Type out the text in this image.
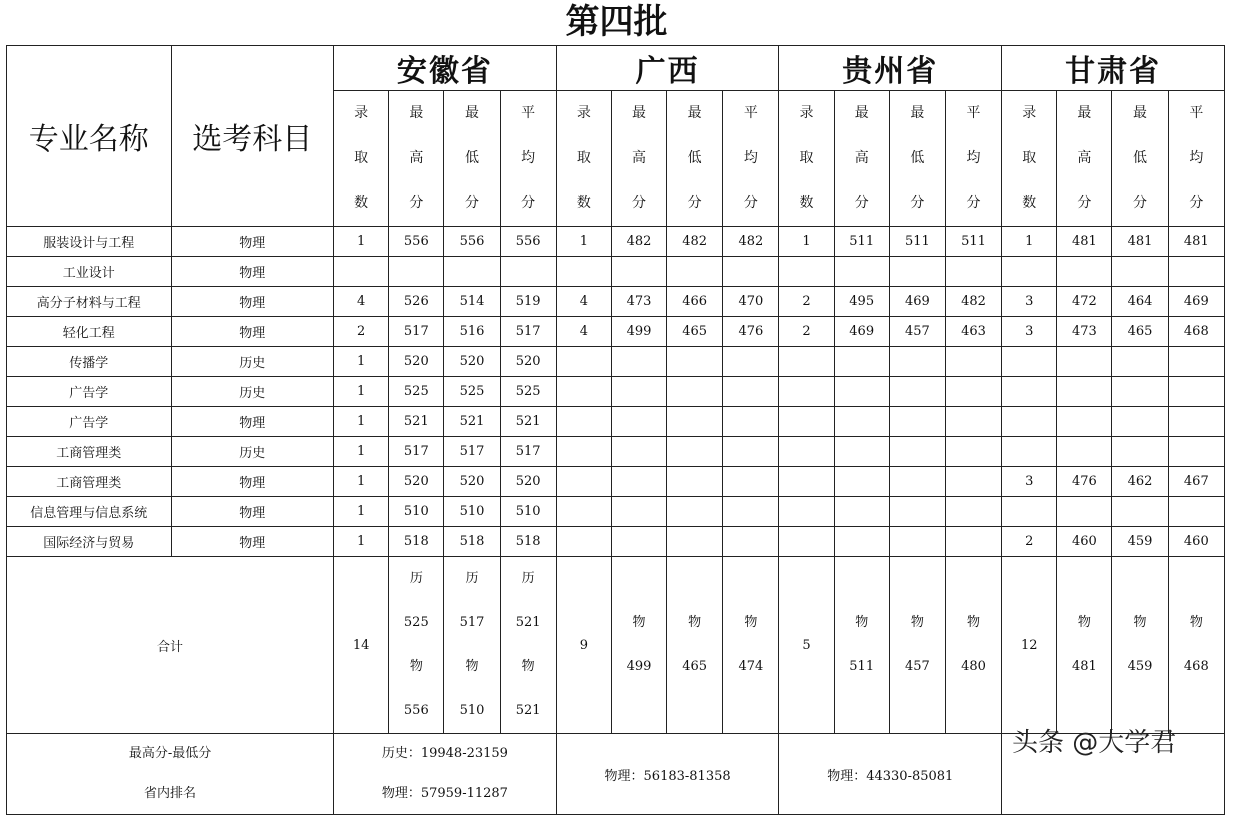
第四批
专业名称	选考科目	安徽省				广西				贵州省				甘肃省			

		录
取
数	最
高
分	最
低
分	平
均
分	录
取
数	最
高
分	最
低
分	平
均
分	录
取
数	最
高
分	最
低
分	平
均
分	录
取
数	最
高
分	最
低
分	平
均
分

服装设计与工程	物理	1	556	556	556	1	482	482	482	1	511	511	511	1	481	481	481
工业设计	物理																
高分子材料与工程	物理	4	526	514	519	4	473	466	470	2	495	469	482	3	472	464	469
轻化工程	物理	2	517	516	517	4	499	465	476	2	469	457	463	3	473	465	468
传播学	历史	1	520	520	520												
广告学	历史	1	525	525	525												
广告学	物理	1	521	521	521												
工商管理类	历史	1	517	517	517												
工商管理类	物理	1	520	520	520									3	476	462	467
信息管理与信息系统	物理	1	510	510	510												
国际经济与贸易	物理	1	518	518	518									2	460	459	460
合计		14	历
525
物
556	历
517
物
510	历
521
物
521	9	物
499	物
465	物
474	5	物
511	物
457	物
480	12	物
481	物
459	物
468

最高分-最低分
省内排名		历史：19948-23159
物理：57959-11287				物理：56183-81358				物理：44330-85081							
头条 @大学君
